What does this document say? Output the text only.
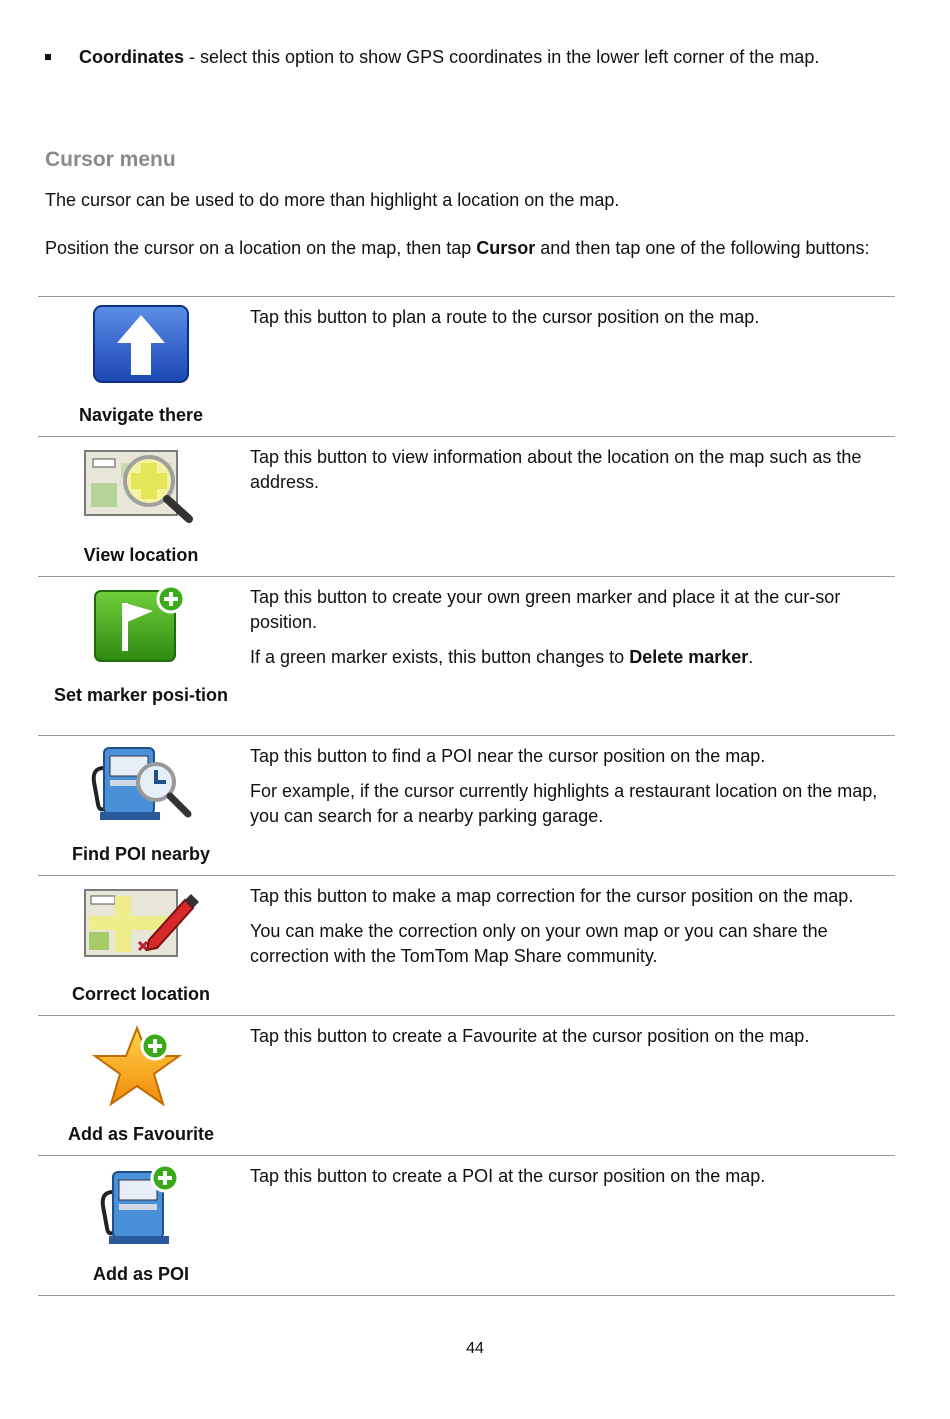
Coordinates - select this option to show GPS coordinates in the lower left corner of the map.
Cursor menu

The cursor can be used to do more than highlight a location on the map.

Position the cursor on a location on the map, then tap Cursor and then tap one of the following buttons:

Navigate there	Tap this button to plan a route to the cursor position on the map.

View location	Tap this button to view information about the location on the map such as the address.

Set marker posi-tion	Tap this button to create your own green marker and place it at the cur-sor position.

If a green marker exists, this button changes to Delete marker.

Find POI nearby	Tap this button to find a POI near the cursor position on the map.

For example, if the cursor currently highlights a restaurant location on the map, you can search for a nearby parking garage.

Correct location	Tap this button to make a map correction for the cursor position on the map.

You can make the correction only on your own map or you can share the correction with the TomTom Map Share community.

Add as Favourite	Tap this button to create a Favourite at the cursor position on the map.

Add as POI	Tap this button to create a POI at the cursor position on the map.

44
